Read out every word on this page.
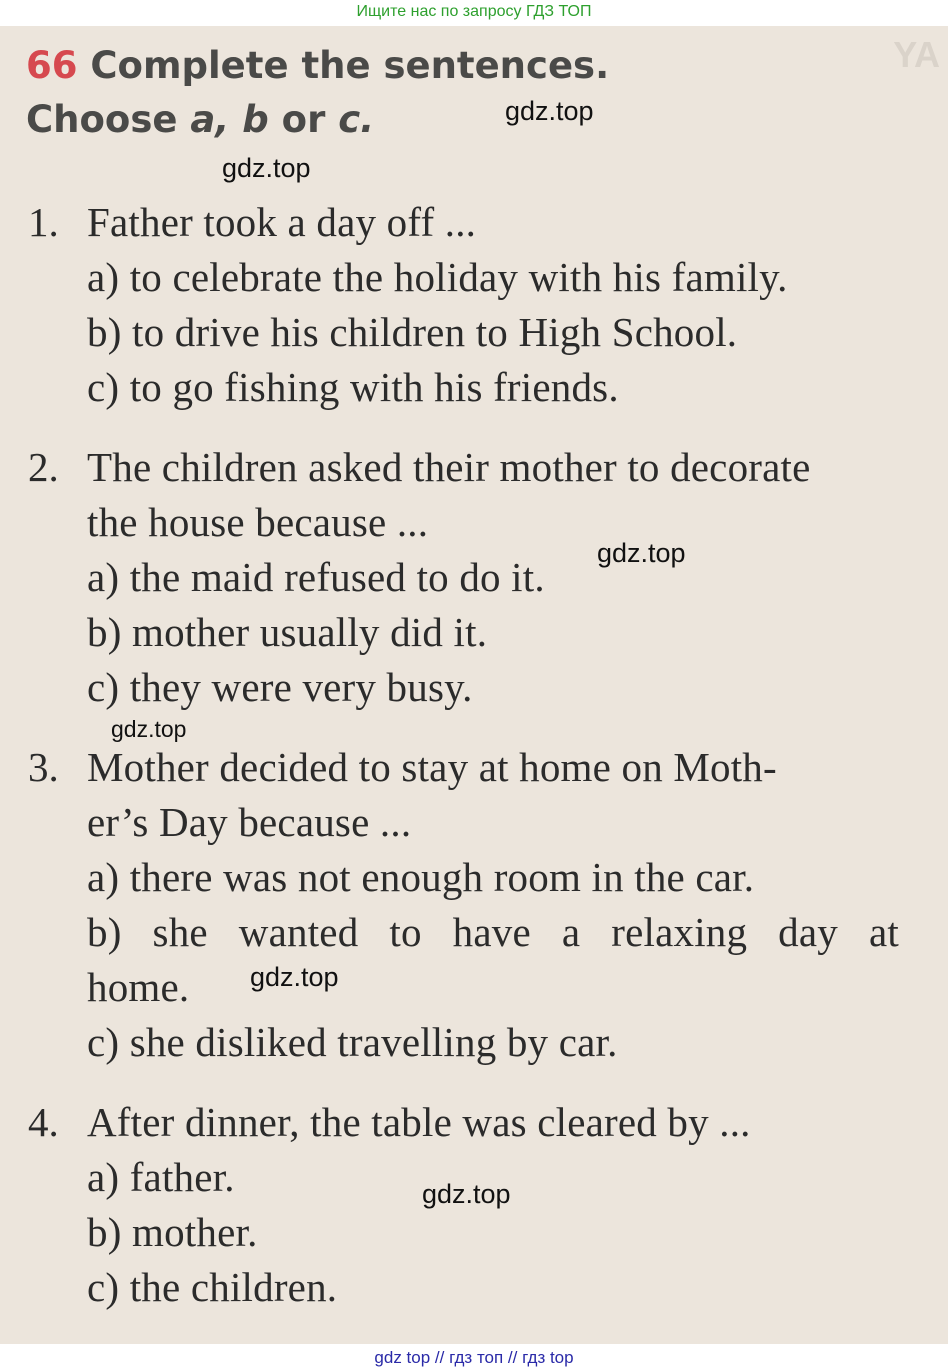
Ищите нас по запросу ГДЗ ТОП
YA
66 Complete the sentences.
Choose a, b or c.
1. Father took a day off ...
a) to celebrate the holiday with his family.
b) to drive his children to High School.
c) to go fishing with his friends.
2. The children asked their mother to decorate
the house because ...
a) the maid refused to do it.
b) mother usually did it.
c) they were very busy.
3. Mother decided to stay at home on Moth-
er’s Day because ...
a) there was not enough room in the car.
b) she wanted to have a relaxing day at
home.
c) she disliked travelling by car.
4. After dinner, the table was cleared by ...
a) father.
b) mother.
c) the children.
gdz.top
gdz.top
gdz.top
gdz.top
gdz.top
gdz.top
gdz top // гдз топ // гдз top
